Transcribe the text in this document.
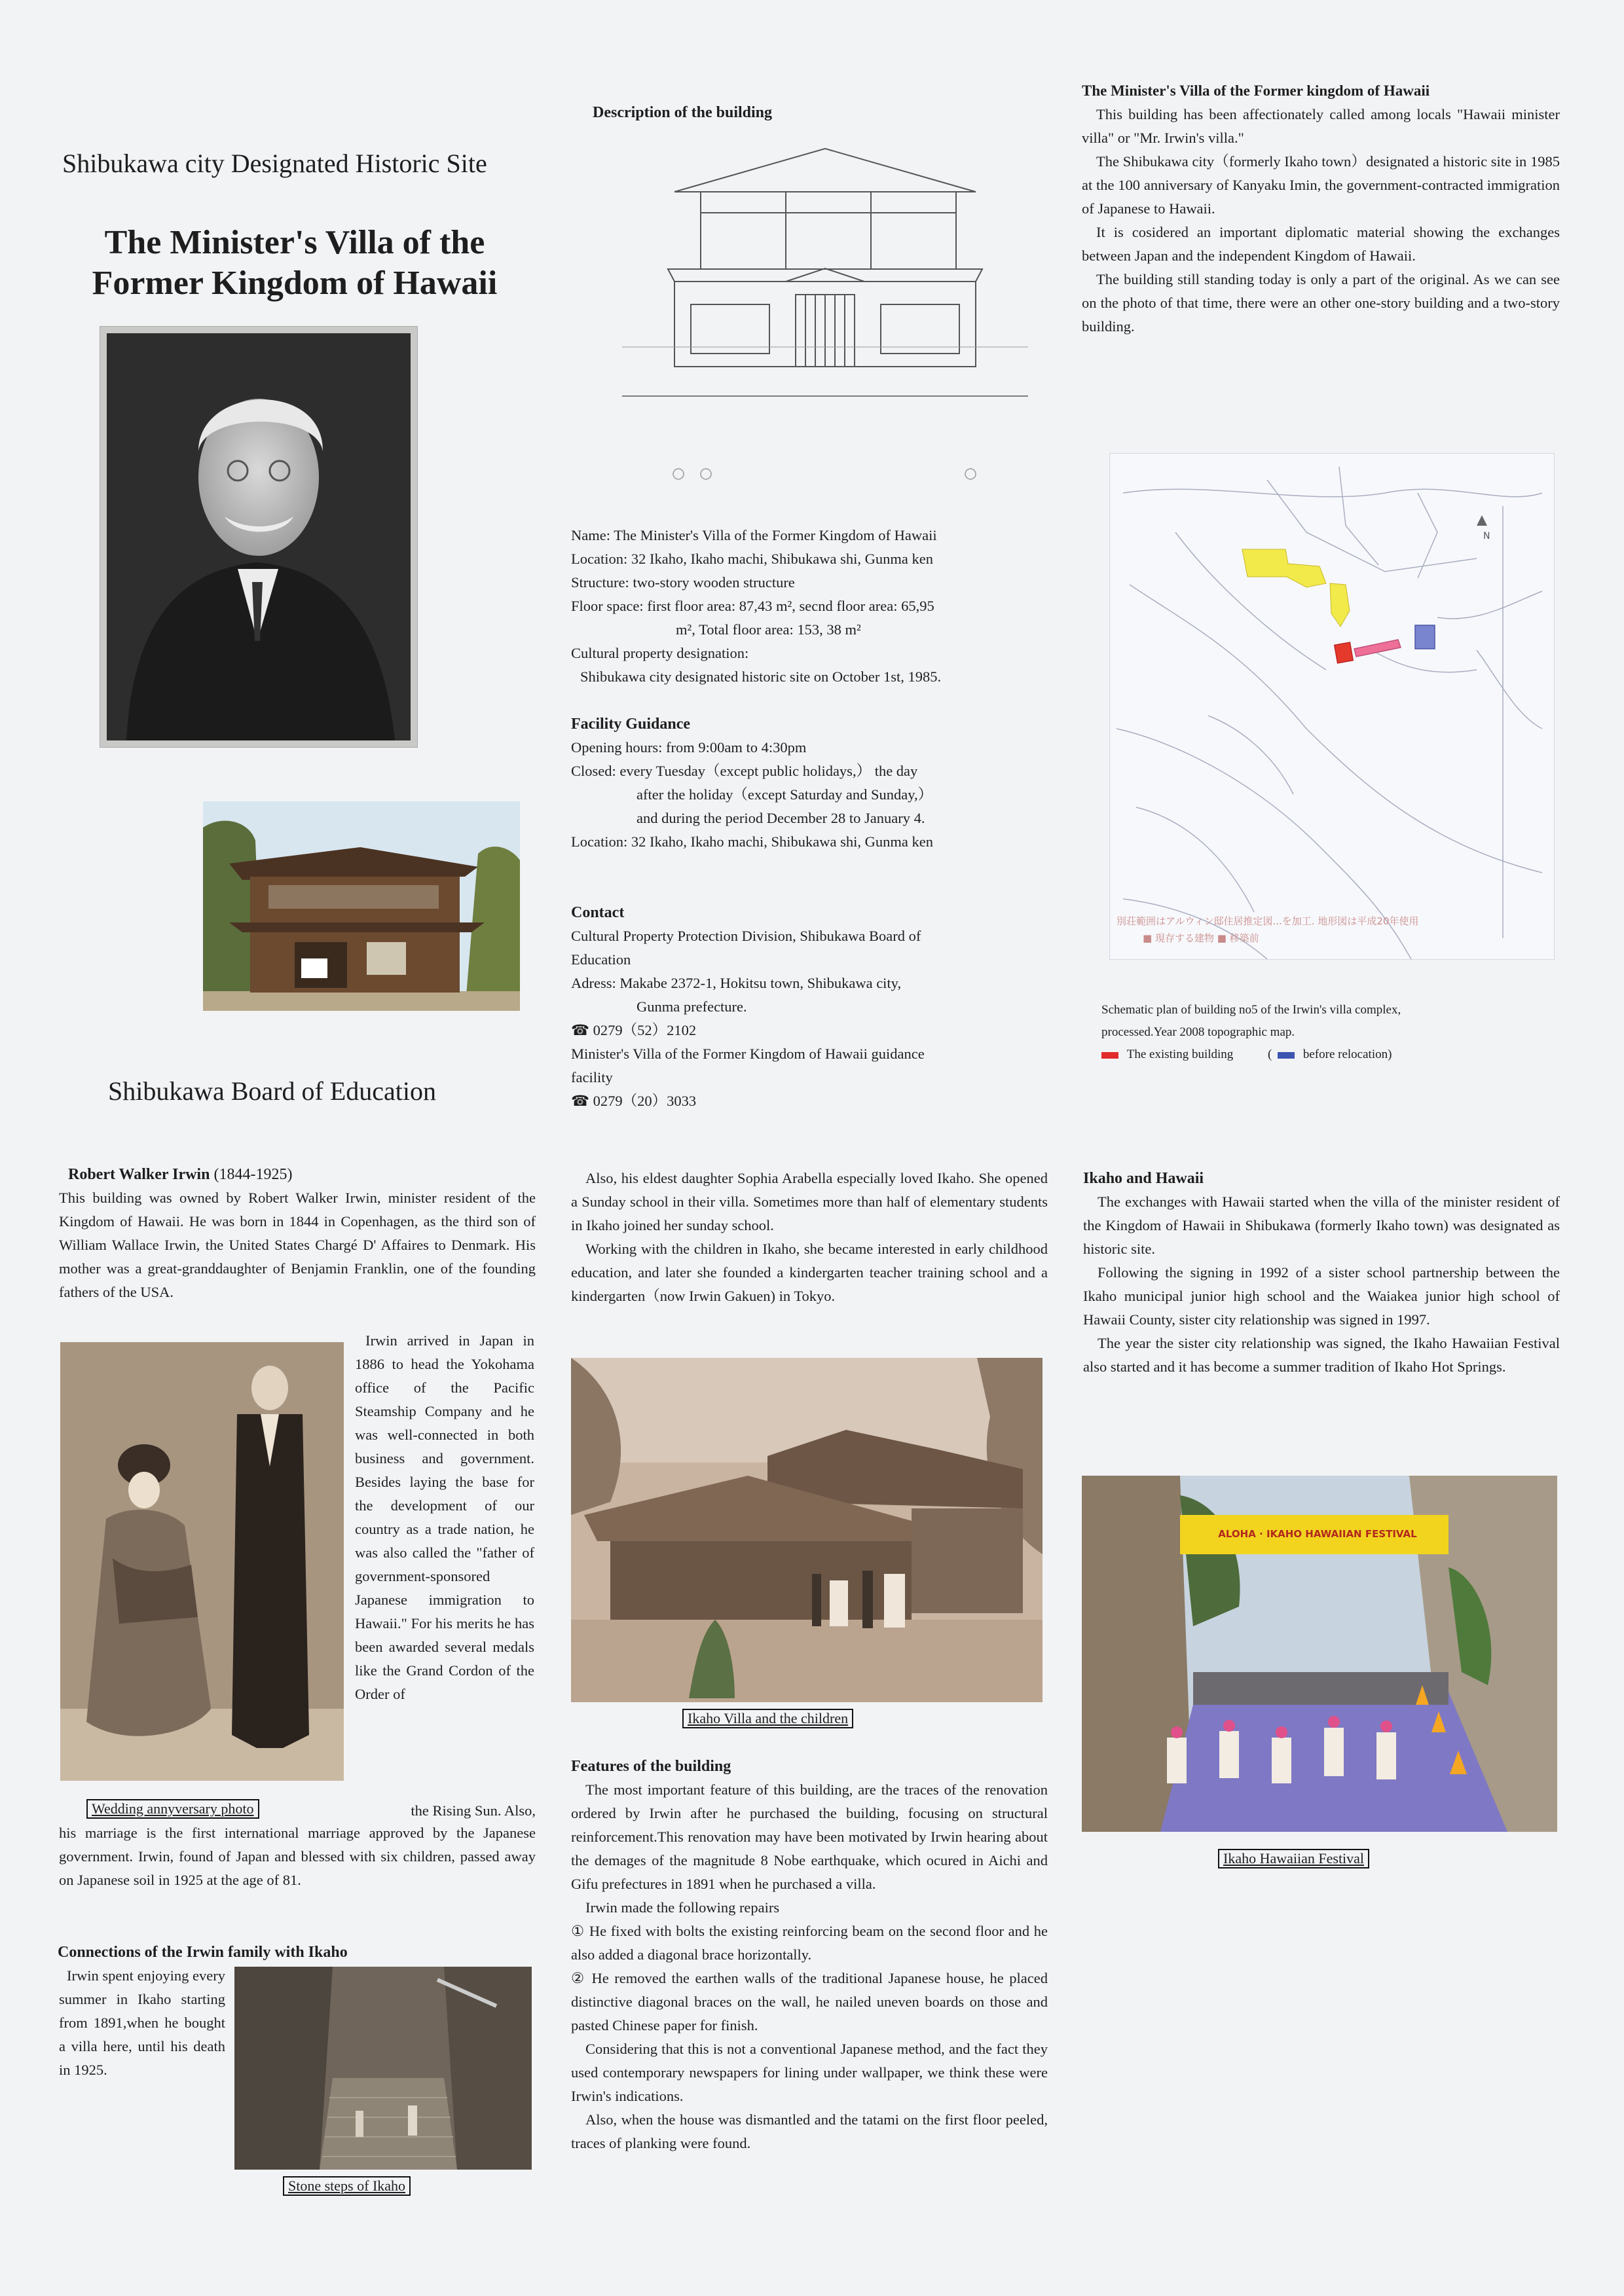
Shibukawa city Designated Historic Site
The Minister's Villa of the
Former Kingdom of Hawaii
Shibukawa Board of Education
Description of the building

Name: The Minister's Villa of the Former Kingdom of Hawaii

Location: 32 Ikaho, Ikaho machi, Shibukawa shi, Gunma ken

Structure: two-story wooden structure

Floor space: first floor area: 87,43 m², secnd floor area: 65,95

m², Total floor area: 153, 38 m²

Cultural property designation:

Shibukawa city designated historic site on October 1st, 1985.

Facility Guidance

Opening hours: from 9:00am to 4:30pm

Closed: every Tuesday（except public holidays,） the day

after the holiday（except Saturday and Sunday,）

and during the period December 28 to January 4.

Location: 32 Ikaho, Ikaho machi, Shibukawa shi, Gunma ken

Contact

Cultural Property Protection Division, Shibukawa Board of

Education

Adress: Makabe 2372-1, Hokitsu town, Shibukawa city,

Gunma prefecture.

☎ 0279（52）2102

Minister's Villa of the Former Kingdom of Hawaii guidance

facility

☎ 0279（20）3033

The Minister's Villa of the Former kingdom of Hawaii

This building has been affectionately called among locals "Hawaii minister villa" or "Mr. Irwin's villa."

The Shibukawa city（formerly Ikaho town）designated a historic site in 1985 at the 100 anniversary of Kanyaku Imin, the government-contracted immigration of Japanese to Hawaii.

It is cosidered an important diplomatic material showing the exchanges between Japan and the independent Kingdom of Hawaii.

The building still standing today is only a part of the original. As we can see on the photo of that time, there were an other one-story building and a two-story building.

N
別荘範囲はアルウィン邸住居推定図...を加工. 地形図は平成20年使用
■ 現存する建物 ■ 移築前

Schematic plan of building no5 of the Irwin's villa complex,

processed.Year 2008 topographic map.

The existing building	(	before relocation)
Robert Walker Irwin (1844-1925)

This building was owned by Robert Walker Irwin, minister resident of the Kingdom of Hawaii. He was born in 1844 in Copenhagen, as the third son of William Wallace Irwin, the United States Chargé D' Affaires to Denmark. His mother was a great-granddaughter of Benjamin Franklin, one of the founding fathers of the USA.

Wedding annyversary photo

Irwin arrived in Japan in 1886 to head the Yokohama office of the Pacific Steamship Company and he was well-connected in both business and government. Besides laying the base for the development of our country as a trade nation, he was also called the "father of government-sponsored Japanese immigration to Hawaii." For his merits he has been awarded several medals like the Grand Cordon of the Order of

the Rising Sun. Also,

his marriage is the first international marriage approved by the Japanese government. Irwin, found of Japan and blessed with six children, passed away on Japanese soil in 1925 at the age of 81.

Connections of the Irwin family with Ikaho

Irwin spent enjoying every summer in Ikaho starting from 1891,when he bought a villa here, until his death in 1925.

Stone steps of Ikaho

Also, his eldest daughter Sophia Arabella especially loved Ikaho. She opened a Sunday school in their villa. Sometimes more than half of elementary students in Ikaho joined her sunday school.

Working with the children in Ikaho, she became interested in early childhood education, and later she founded a kindergarten teacher training school and a kindergarten（now Irwin Gakuen) in Tokyo.

Ikaho Villa and the children

Features of the building

The most important feature of this building, are the traces of the renovation ordered by Irwin after he purchased the building, focusing on structural reinforcement.This renovation may have been motivated by Irwin hearing about the demages of the magnitude 8 Nobe earthquake, which ocured in Aichi and Gifu prefectures in 1891 when he purchased a villa.

Irwin made the following repairs

① He fixed with bolts the existing reinforcing beam on the second floor and he also added a diagonal brace horizontally.

② He removed the earthen walls of the traditional Japanese house, he placed distinctive diagonal braces on the wall, he nailed uneven boards on those and pasted Chinese paper for finish.

Considering that this is not a conventional Japanese method, and the fact they used contemporary newspapers for lining under wallpaper, we think these were Irwin's indications.

Also, when the house was dismantled and the tatami on the first floor peeled, traces of planking were found.

Ikaho and Hawaii

The exchanges with Hawaii started when the villa of the minister resident of the Kingdom of Hawaii in Shibukawa (formerly Ikaho town) was designated as historic site.

Following the signing in 1992 of a sister school partnership between the Ikaho municipal junior high school and the Waiakea junior high school of Hawaii County, sister city relationship was signed in 1997.

The year the sister city relationship was signed, the Ikaho Hawaiian Festival also started and it has become a summer tradition of Ikaho Hot Springs.

ALOHA · IKAHO HAWAIIAN FESTIVAL
Ikaho Hawaiian Festival
